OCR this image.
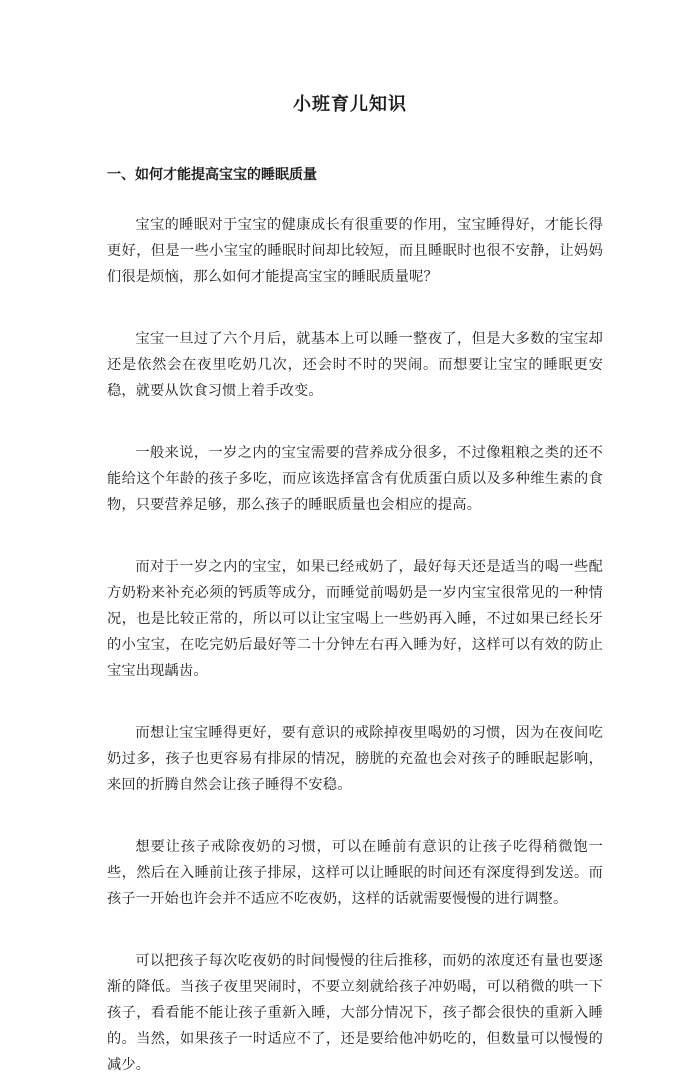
小班育儿知识
一、如何才能提高宝宝的睡眠质量

宝宝的睡眠对于宝宝的健康成长有很重要的作用，宝宝睡得好，才能长得更好，但是一些小宝宝的睡眠时间却比较短，而且睡眠时也很不安静，让妈妈们很是烦恼，那么如何才能提高宝宝的睡眠质量呢？

宝宝一旦过了六个月后，就基本上可以睡一整夜了，但是大多数的宝宝却还是依然会在夜里吃奶几次，还会时不时的哭闹。而想要让宝宝的睡眠更安稳，就要从饮食习惯上着手改变。

一般来说，一岁之内的宝宝需要的营养成分很多，不过像粗粮之类的还不能给这个年龄的孩子多吃，而应该选择富含有优质蛋白质以及多种维生素的食物，只要营养足够，那么孩子的睡眠质量也会相应的提高。

而对于一岁之内的宝宝，如果已经戒奶了，最好每天还是适当的喝一些配方奶粉来补充必须的钙质等成分，而睡觉前喝奶是一岁内宝宝很常见的一种情况，也是比较正常的，所以可以让宝宝喝上一些奶再入睡，不过如果已经长牙的小宝宝，在吃完奶后最好等二十分钟左右再入睡为好，这样可以有效的防止宝宝出现龋齿。

而想让宝宝睡得更好，要有意识的戒除掉夜里喝奶的习惯，因为在夜间吃奶过多，孩子也更容易有排尿的情况，膀胱的充盈也会对孩子的睡眠起影响，来回的折腾自然会让孩子睡得不安稳。

想要让孩子戒除夜奶的习惯，可以在睡前有意识的让孩子吃得稍微饱一些，然后在入睡前让孩子排尿，这样可以让睡眠的时间还有深度得到发送。而孩子一开始也许会并不适应不吃夜奶，这样的话就需要慢慢的进行调整。

可以把孩子每次吃夜奶的时间慢慢的往后推移，而奶的浓度还有量也要逐渐的降低。当孩子夜里哭闹时，不要立刻就给孩子冲奶喝，可以稍微的哄一下孩子，看看能不能让孩子重新入睡，大部分情况下，孩子都会很快的重新入睡的。当然，如果孩子一时适应不了，还是要给他冲奶吃的，但数量可以慢慢的减少。
